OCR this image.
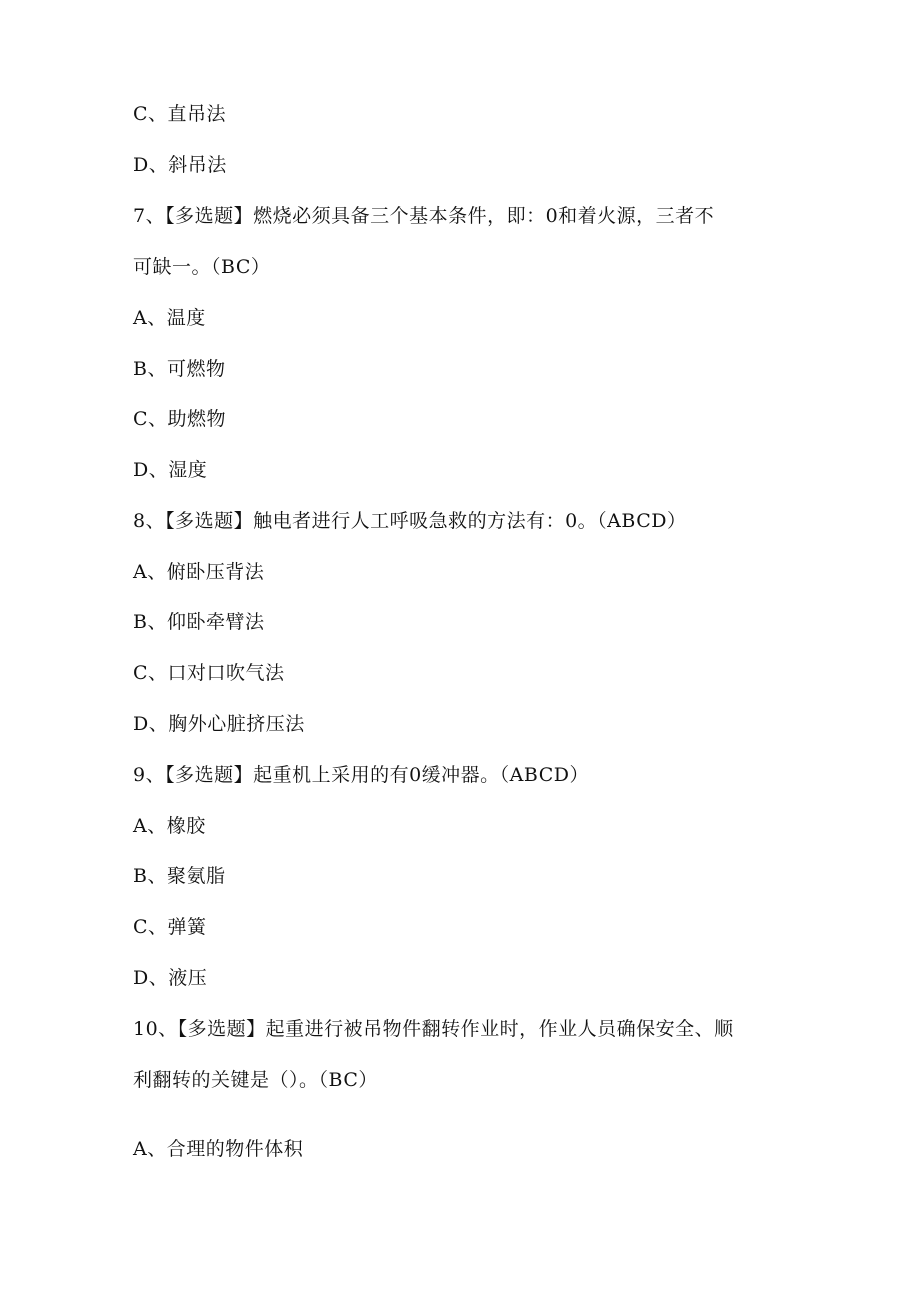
C、直吊法
D、斜吊法
7、【多选题】燃烧必须具备三个基本条件，即：0和着火源，三者不
可缺一。（BC）
A、温度
B、可燃物
C、助燃物
D、湿度
8、【多选题】触电者进行人工呼吸急救的方法有：0。（ABCD）
A、俯卧压背法
B、仰卧牵臂法
C、口对口吹气法
D、胸外心脏挤压法
9、【多选题】起重机上采用的有0缓冲器。（ABCD）
A、橡胶
B、聚氨脂
C、弹簧
D、液压
10、【多选题】起重进行被吊物件翻转作业时，作业人员确保安全、顺
利翻转的关键是（）。（BC）
A、合理的物件体积
